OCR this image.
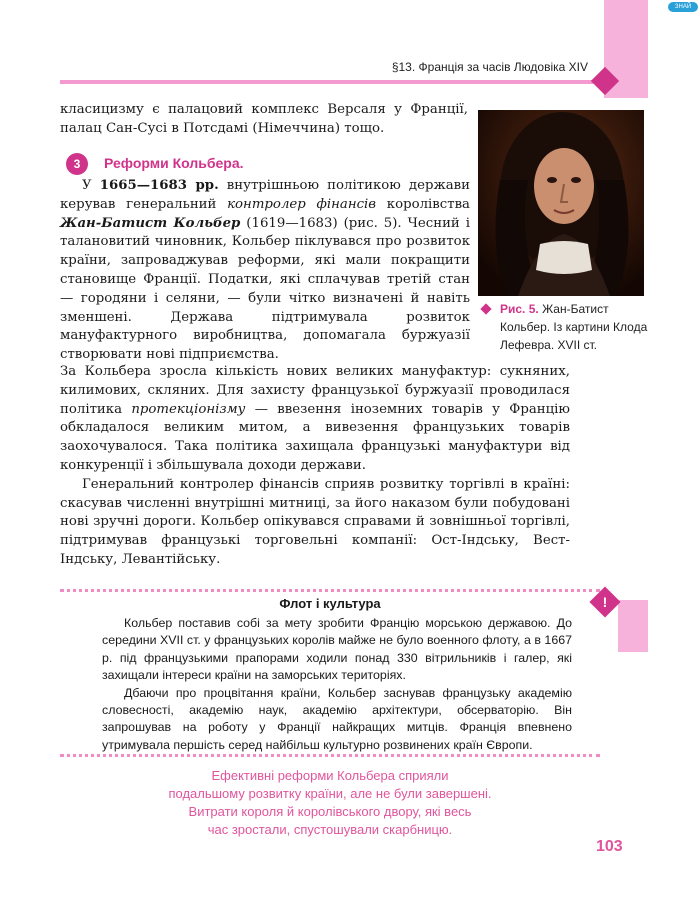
ЗНАЙ
§13. Франція за часів Людовіка XIV

класицизму є палацовий комплекс Версаля у Франції, палац Сан-Сусі в Потсдамі (Німеччина) тощо.

3	Реформи Кольбера.

У 1665—1683 рр. внутрішньою політикою держави керував генеральний контролер фінансів королівства Жан-Батист Кольбер (1619—1683) (рис. 5). Чесний і талановитий чиновник, Кольбер піклувався про розвиток країни, запроваджував реформи, які мали покращити становище Франції. Податки, які сплачував третій стан — городяни і селяни, — були чітко визначені й навіть зменшені. Держава підтримувала розвиток мануфактурного виробництва, допомагала буржуазії створювати нові підприємства.

Рис. 5. Жан-Батист Кольбер. Із картини Клода Лефевра. XVII ст.

За Кольбера зросла кількість нових великих мануфактур: сукняних, килимових, скляних. Для захисту французької буржуазії проводилася політика протекціонізму — ввезення іноземних товарів у Францію обкладалося великим митом, а вивезення французьких товарів заохочувалося. Така політика захищала французькі мануфактури від конкуренції і збільшувала доходи держави.

Генеральний контролер фінансів сприяв розвитку торгівлі в країні: скасував численні внутрішні митниці, за його наказом були побудовані нові зручні дороги. Кольбер опікувався справами й зовнішньої торгівлі, підтримував французькі торговельні компанії: Ост-Індську, Вест-Індську, Левантійську.

!
Флот і культура

Кольбер поставив собі за мету зробити Францію морською державою. До середини XVII ст. у французьких королів майже не було военного флоту, а в 1667 р. під французькими прапорами ходили понад 330 вітрильників і галер, які захищали інтереси країни на заморських територіях.

Дбаючи про процвітання країни, Кольбер заснував французьку академію словесності, академію наук, академію архітектури, обсерваторію. Він запрошував на роботу у Франції найкращих митців. Франція впевнено утримувала першість серед найбільш культурно розвинених країн Європи.

Ефективні реформи Кольбера сприяли
подальшому розвитку країни, але не були завершені.
Витрати короля й королівського двору, які весь
час зростали, спустошували скарбницю.
103
